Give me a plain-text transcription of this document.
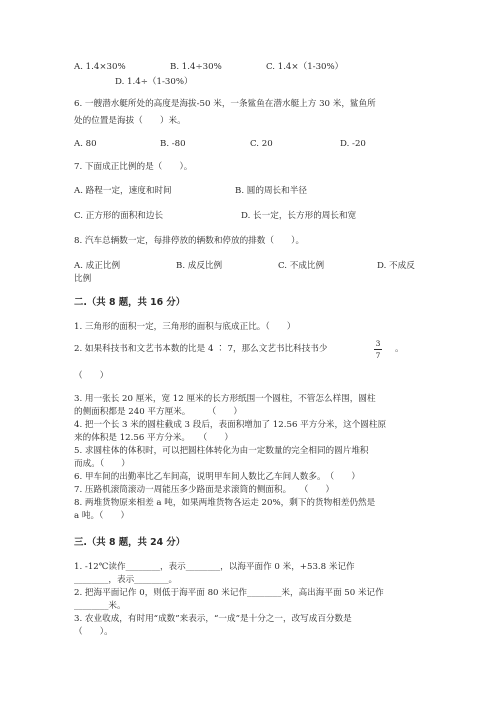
A. 1.4×30%	B. 1.4÷30%	C. 1.4×（1-30%）
D. 1.4÷（1-30%）
6. 一艘潜水艇所处的高度是海拔-50 米，一条鲨鱼在潜水艇上方 30 米，鲨鱼所
处的位置是海拔（　　）米。
A. 80	B. -80	C. 20	D. -20
7. 下面成正比例的是（　　）。
A. 路程一定，速度和时间	B. 圆的周长和半径
C. 正方形的面积和边长	D. 长一定，长方形的周长和宽
8. 汽车总辆数一定，每排停放的辆数和停放的排数（　　）。
A. 成正比例	B. 成反比例	C. 不成比例	D. 不成反
比例
二.（共 8 题，共 16 分）
1. 三角形的面积一定，三角形的面积与底成正比。（　　）
2. 如果科技书和文艺书本数的比是 4 ∶ 7，那么文艺书比科技书少
3
7
。
（　　）
3. 用一张长 20 厘米，宽 12 厘米的长方形纸围一个圆柱，不管怎么样围，圆柱
的侧面积都是 240 平方厘米。　　　（　　）
4. 把一个长 3 米的圆柱截成 3 段后，表面积增加了 12.56 平方分米，这个圆柱原
来的体积是 12.56 平方分米。　　（　　）
5. 求圆柱体的体积时，可以把圆柱体转化为由一定数量的完全相同的圆片堆积
而成。（　　）
6. 甲车间的出勤率比乙车间高，说明甲车间人数比乙车间人数多。　（　　）
7. 压路机滚筒滚动一周能压多少路面是求滚筒的侧面积。　　（　　）
8. 两堆货物原来相差 a 吨，如果两堆货物各运走 20%，剩下的货物相差仍然是
a 吨。（　　）
三.（共 8 题，共 24 分）
1. -12℃读作________，表示________，以海平面作 0 米，+53.8 米记作
________，表示________。
2. 把海平面记作 0，则低于海平面 80 米记作________米，高出海平面 50 米记作
________米。
3. 农业收成，有时用“成数”来表示，“一成”是十分之一，改写成百分数是
（　　）。
